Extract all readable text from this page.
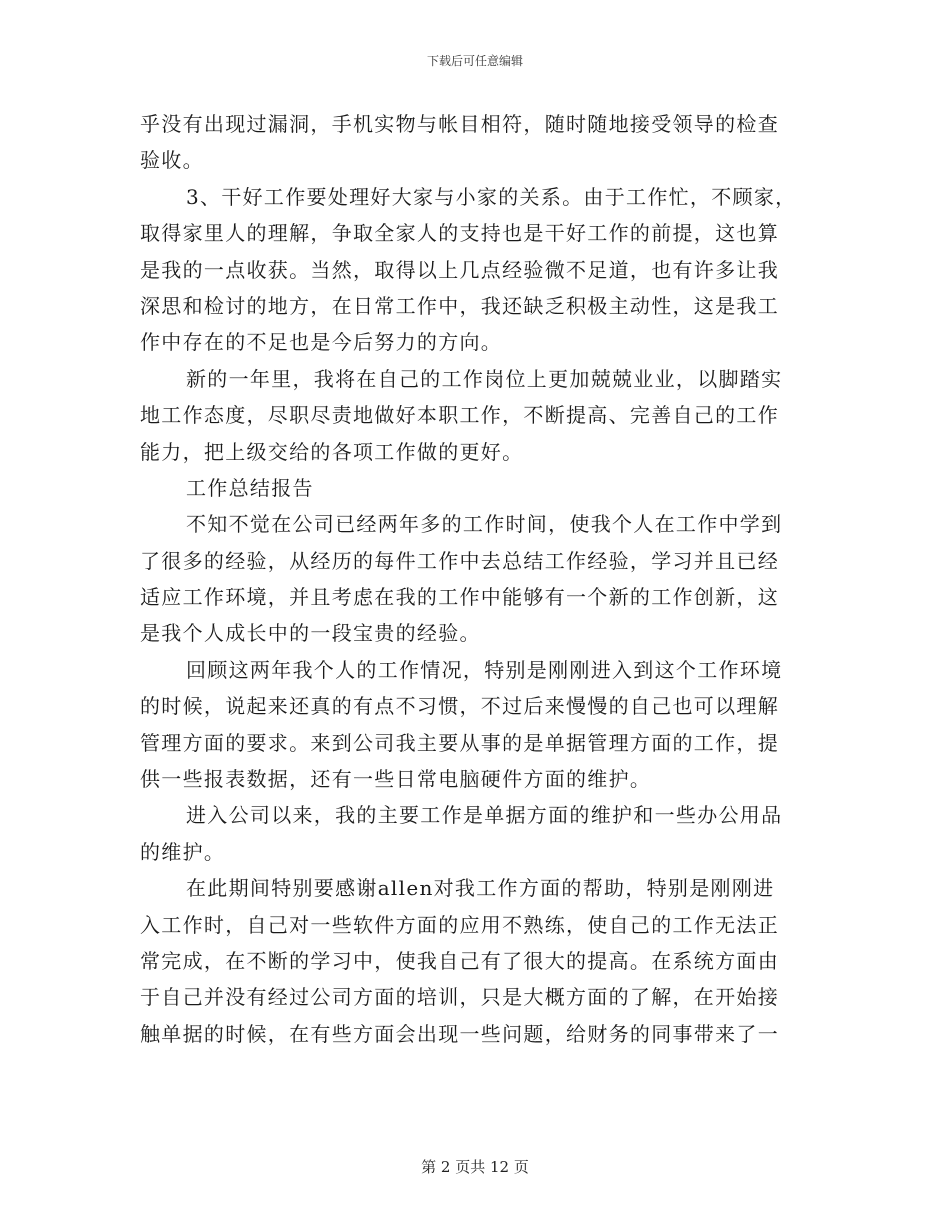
下载后可任意编辑
乎没有出现过漏洞，手机实物与帐目相符，随时随地接受领导的检查
验收。
3、干好工作要处理好大家与小家的关系。由于工作忙，不顾家，
取得家里人的理解，争取全家人的支持也是干好工作的前提，这也算
是我的一点收获。当然，取得以上几点经验微不足道，也有许多让我
深思和检讨的地方，在日常工作中，我还缺乏积极主动性，这是我工
作中存在的不足也是今后努力的方向。
新的一年里，我将在自己的工作岗位上更加兢兢业业，以脚踏实
地工作态度，尽职尽责地做好本职工作，不断提高、完善自己的工作
能力，把上级交给的各项工作做的更好。
工作总结报告
不知不觉在公司已经两年多的工作时间，使我个人在工作中学到
了很多的经验，从经历的每件工作中去总结工作经验，学习并且已经
适应工作环境，并且考虑在我的工作中能够有一个新的工作创新，这
是我个人成长中的一段宝贵的经验。
回顾这两年我个人的工作情况，特别是刚刚进入到这个工作环境
的时候，说起来还真的有点不习惯，不过后来慢慢的自己也可以理解
管理方面的要求。来到公司我主要从事的是单据管理方面的工作，提
供一些报表数据，还有一些日常电脑硬件方面的维护。
进入公司以来，我的主要工作是单据方面的维护和一些办公用品
的维护。
在此期间特别要感谢allen对我工作方面的帮助，特别是刚刚进
入工作时，自己对一些软件方面的应用不熟练，使自己的工作无法正
常完成，在不断的学习中，使我自己有了很大的提高。在系统方面由
于自己并没有经过公司方面的培训，只是大概方面的了解，在开始接
触单据的时候，在有些方面会出现一些问题，给财务的同事带来了一
第 2 页共 12 页
